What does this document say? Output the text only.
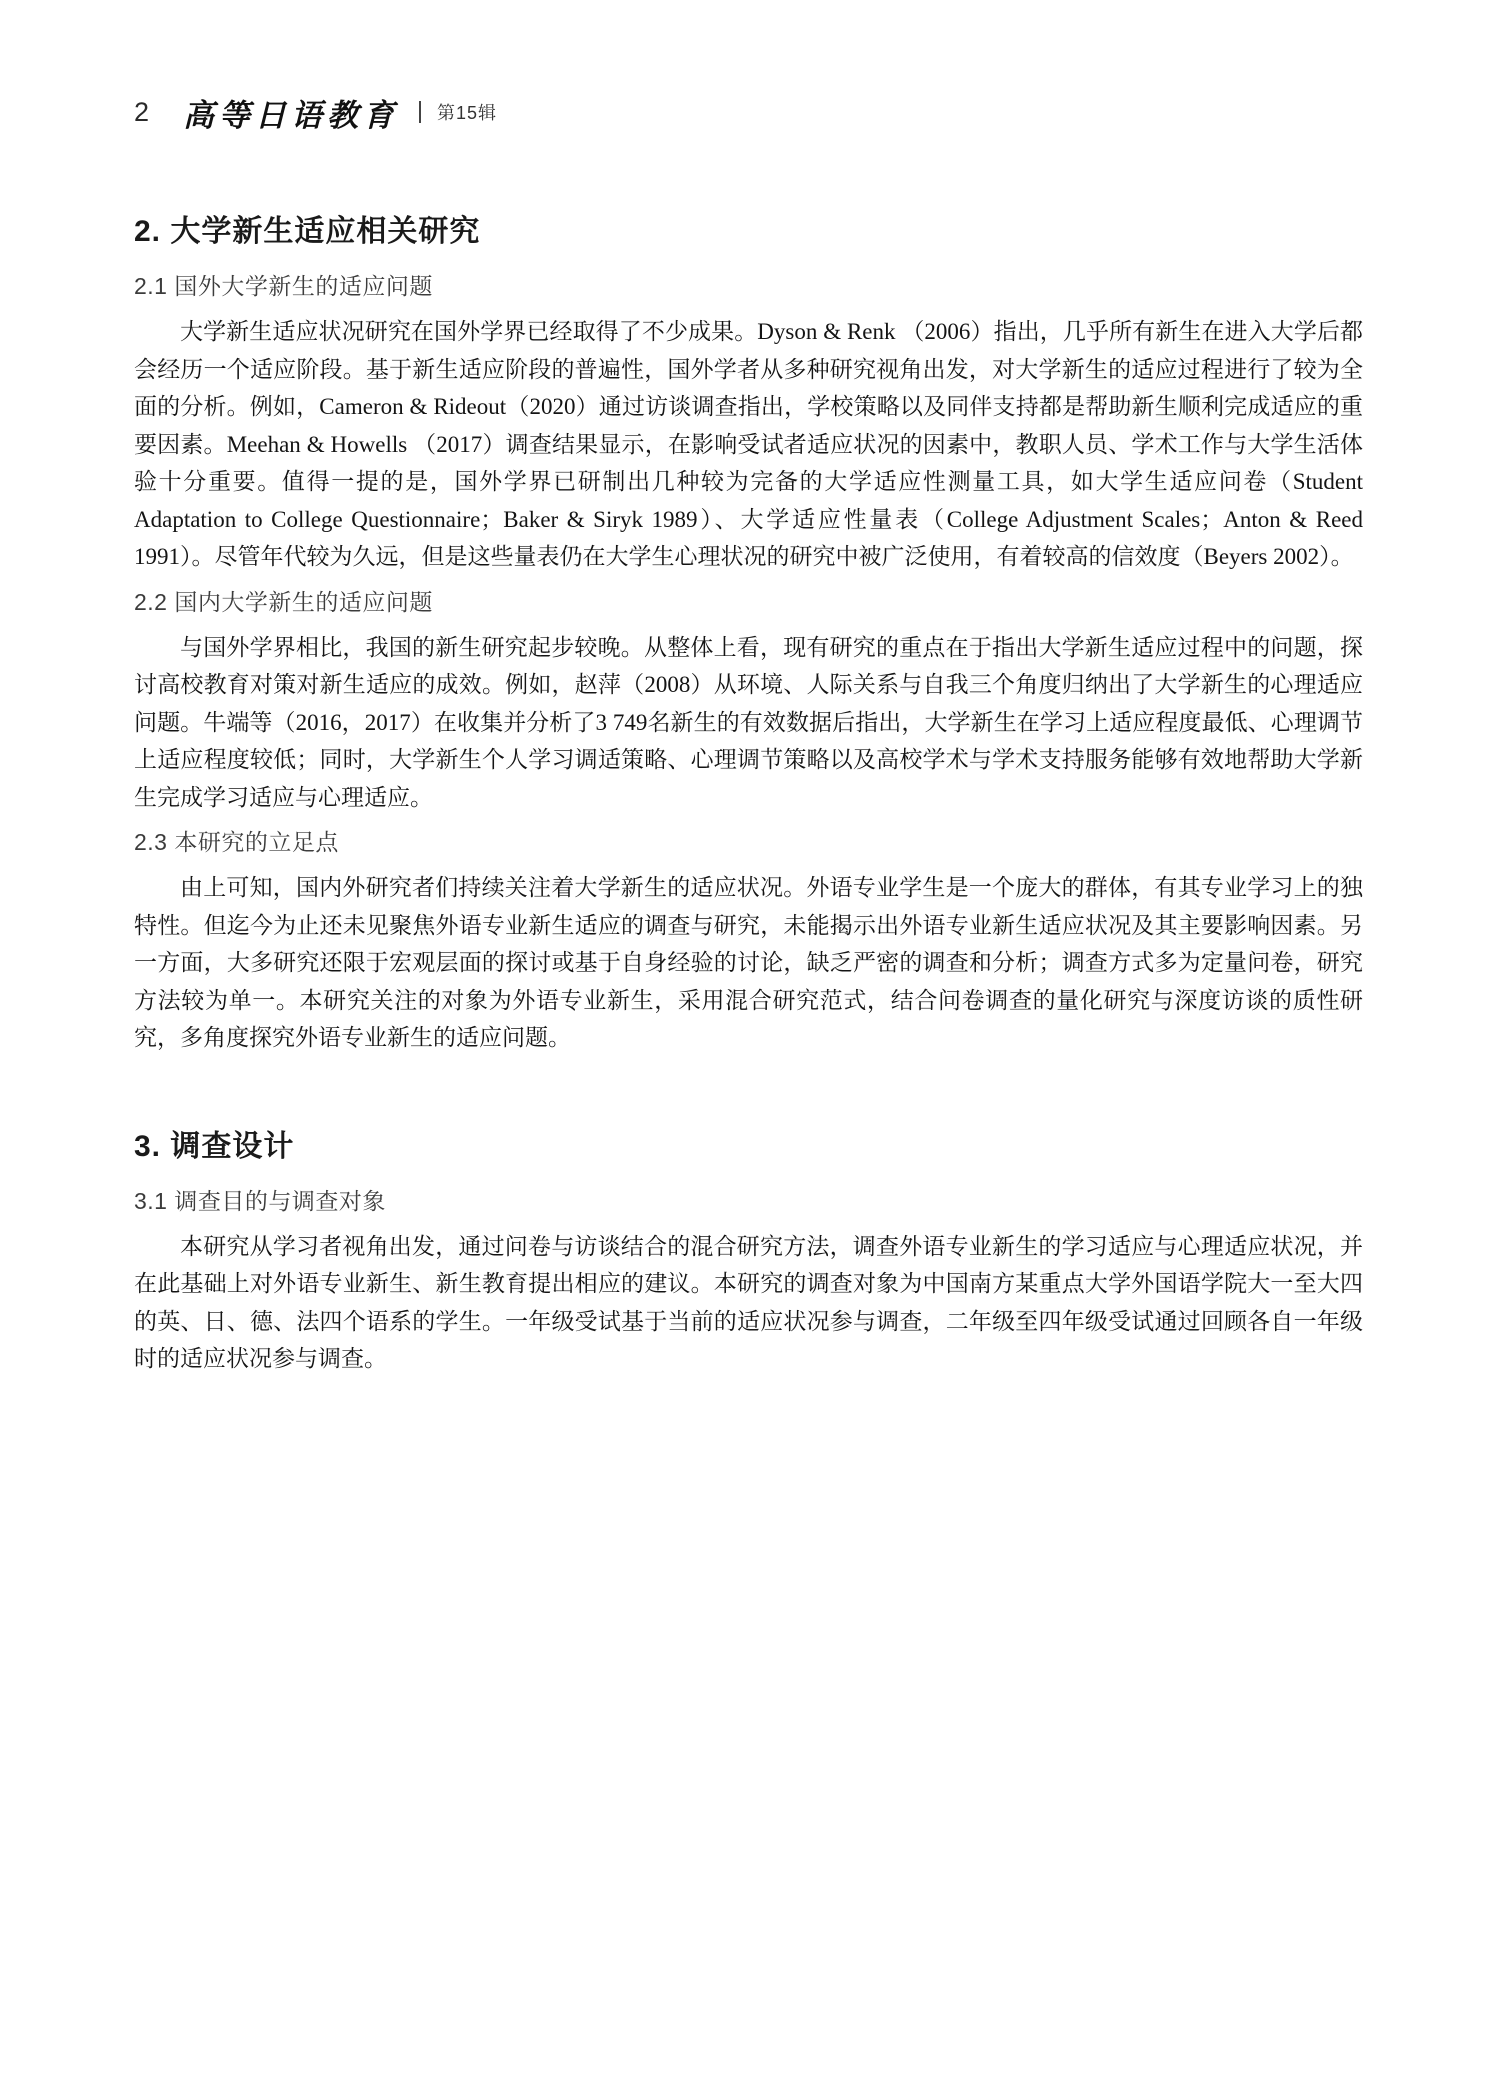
2 高等日语教育 第15辑
2. 大学新生适应相关研究
2.1 国外大学新生的适应问题

大学新生适应状况研究在国外学界已经取得了不少成果。Dyson & Renk （2006）指出，几乎所有新生在进入大学后都会经历一个适应阶段。基于新生适应阶段的普遍性，国外学者从多种研究视角出发，对大学新生的适应过程进行了较为全面的分析。例如，Cameron & Rideout（2020）通过访谈调查指出，学校策略以及同伴支持都是帮助新生顺利完成适应的重要因素。Meehan & Howells （2017）调查结果显示，在影响受试者适应状况的因素中，教职人员、学术工作与大学生活体验十分重要。值得一提的是，国外学界已研制出几种较为完备的大学适应性测量工具，如大学生适应问卷（Student Adaptation to College Questionnaire；Baker & Siryk 1989）、大学适应性量表（College Adjustment Scales；Anton & Reed 1991）。尽管年代较为久远，但是这些量表仍在大学生心理状况的研究中被广泛使用，有着较高的信效度（Beyers 2002）。

2.2 国内大学新生的适应问题

与国外学界相比，我国的新生研究起步较晚。从整体上看，现有研究的重点在于指出大学新生适应过程中的问题，探讨高校教育对策对新生适应的成效。例如，赵萍（2008）从环境、人际关系与自我三个角度归纳出了大学新生的心理适应问题。牛端等（2016，2017）在收集并分析了3 749名新生的有效数据后指出，大学新生在学习上适应程度最低、心理调节上适应程度较低；同时，大学新生个人学习调适策略、心理调节策略以及高校学术与学术支持服务能够有效地帮助大学新生完成学习适应与心理适应。

2.3 本研究的立足点

由上可知，国内外研究者们持续关注着大学新生的适应状况。外语专业学生是一个庞大的群体，有其专业学习上的独特性。但迄今为止还未见聚焦外语专业新生适应的调查与研究，未能揭示出外语专业新生适应状况及其主要影响因素。另一方面，大多研究还限于宏观层面的探讨或基于自身经验的讨论，缺乏严密的调查和分析；调查方式多为定量问卷，研究方法较为单一。本研究关注的对象为外语专业新生，采用混合研究范式，结合问卷调查的量化研究与深度访谈的质性研究，多角度探究外语专业新生的适应问题。

3. 调查设计
3.1 调查目的与调查对象

本研究从学习者视角出发，通过问卷与访谈结合的混合研究方法，调查外语专业新生的学习适应与心理适应状况，并在此基础上对外语专业新生、新生教育提出相应的建议。本研究的调查对象为中国南方某重点大学外国语学院大一至大四的英、日、德、法四个语系的学生。一年级受试基于当前的适应状况参与调查，二年级至四年级受试通过回顾各自一年级时的适应状况参与调查。
